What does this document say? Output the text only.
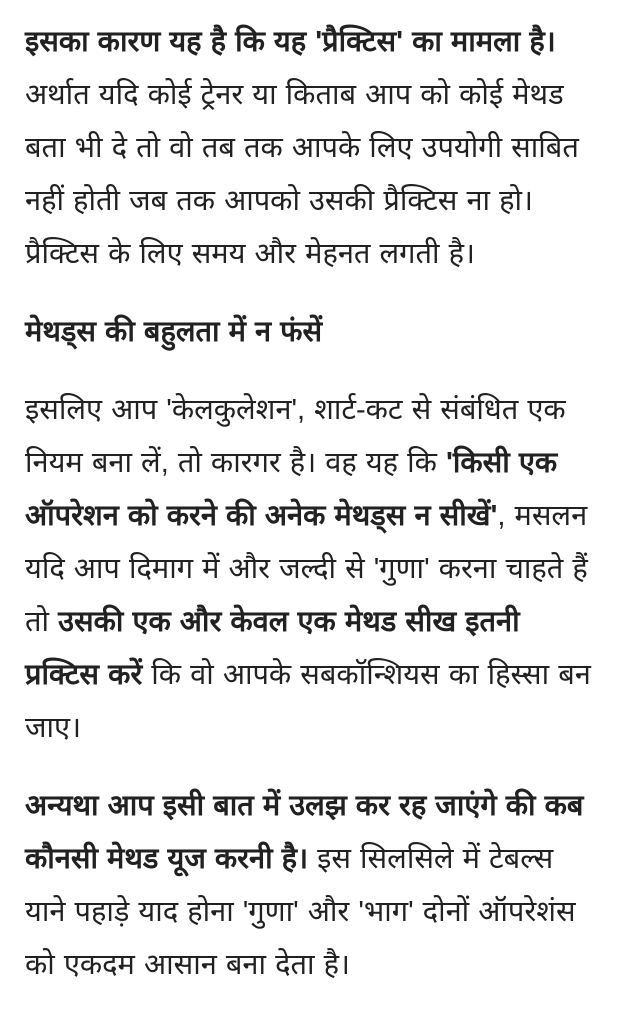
इसका कारण यह है कि यह 'प्रैक्टिस' का मामला है। अर्थात यदि कोई ट्रेनर या किताब आप को कोई मेथड बता भी दे तो वो तब तक आपके लिए उपयोगी साबित नहीं होती जब तक आपको उसकी प्रैक्टिस ना हो। प्रैक्टिस के लिए समय और मेहनत लगती है।

मेथड्स की बहुलता में न फंसें

इसलिए आप 'केलकुलेशन', शार्ट-कट से संबंधित एक नियम बना लें, तो कारगर है। वह यह कि 'किसी एक ऑपरेशन को करने की अनेक मेथड्स न सीखें', मसलन यदि आप दिमाग में और जल्दी से 'गुणा' करना चाहते हैं तो उसकी एक और केवल एक मेथड सीख इतनी प्रक्टिस करें कि वो आपके सबकॉन्शियस का हिस्सा बन जाए।

अन्यथा आप इसी बात में उलझ कर रह जाएंगे की कब कौनसी मेथड यूज करनी है। इस सिलसिले में टेबल्स याने पहाड़े याद होना 'गुणा' और 'भाग' दोनों ऑपरेशंस को एकदम आसान बना देता है।
